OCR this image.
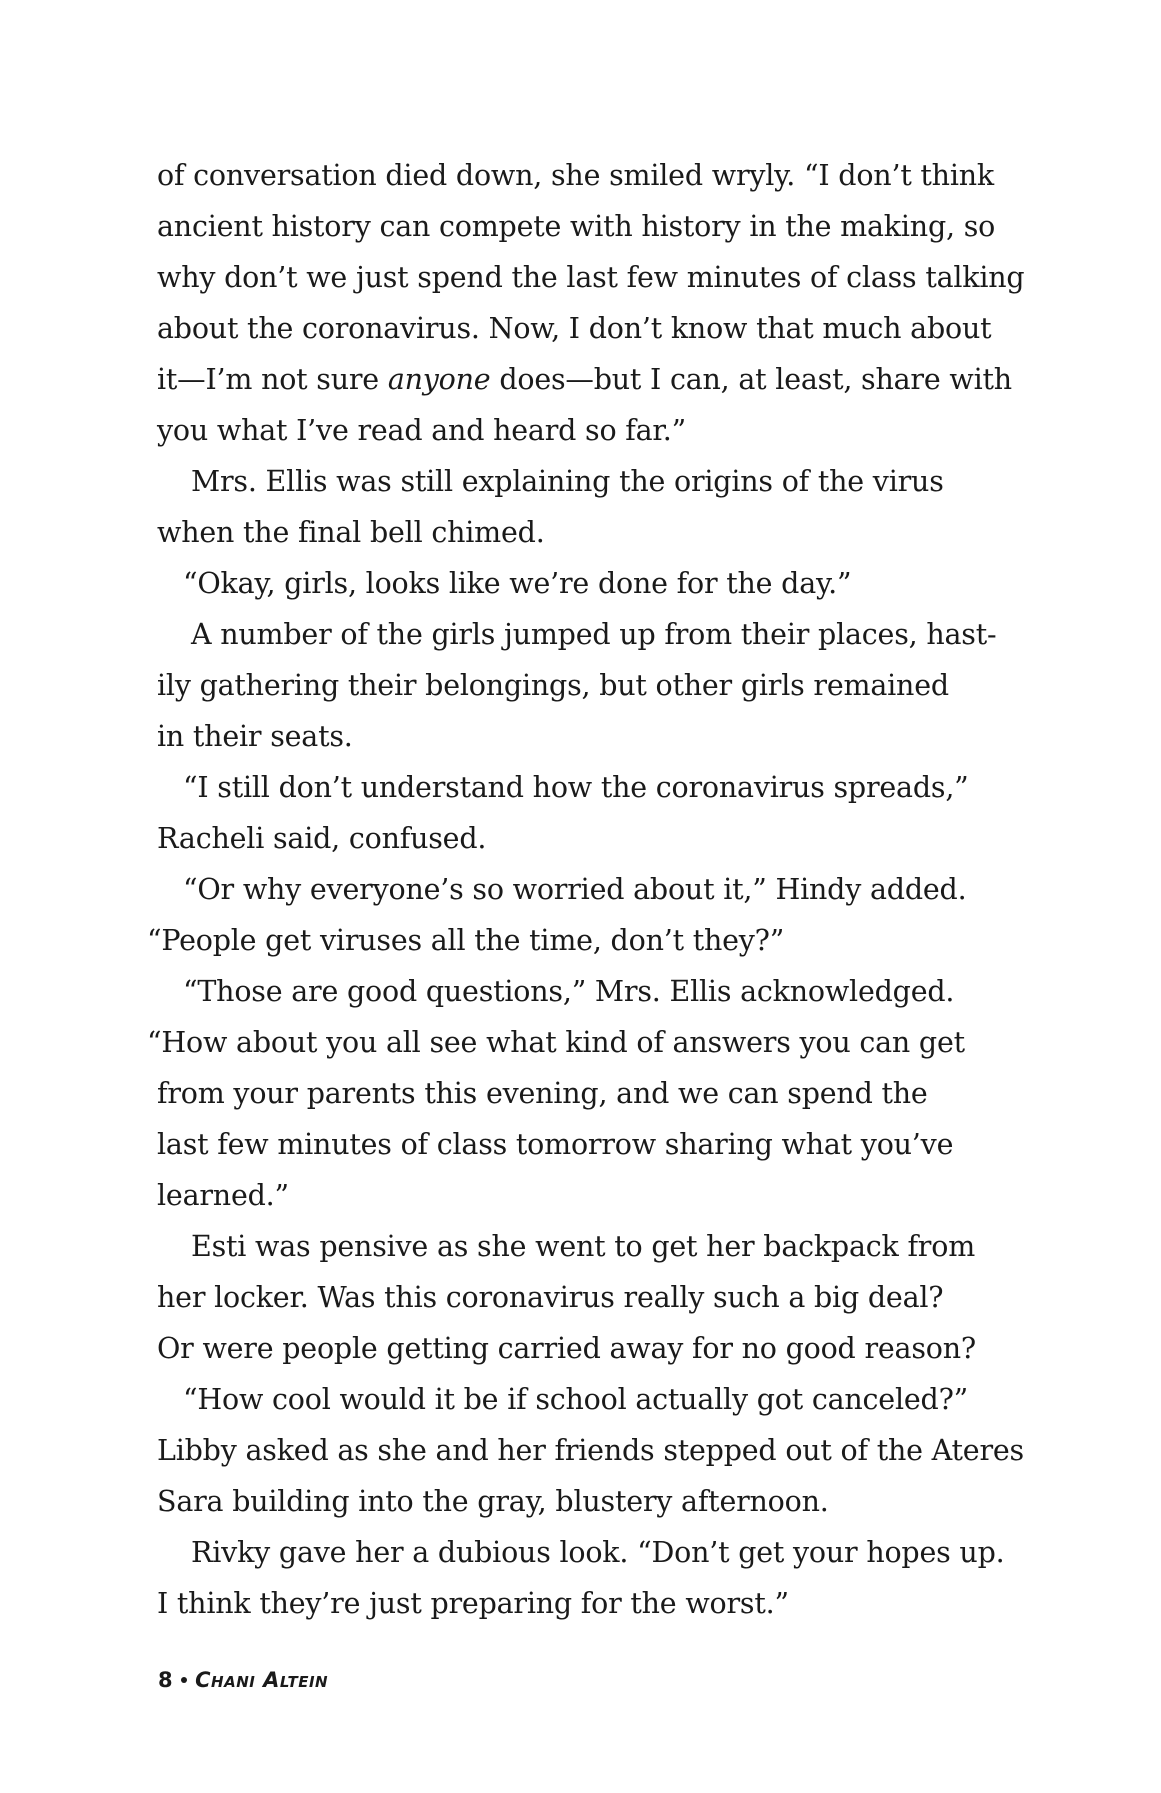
of conversation died down, she smiled wryly. “I don’t think
ancient history can compete with history in the making, so
why don’t we just spend the last few minutes of class talking
about the coronavirus. Now, I don’t know that much about
it—I’m not sure anyone does—but I can, at least, share with
you what I’ve read and heard so far.”
Mrs. Ellis was still explaining the origins of the virus
when the final bell chimed.
“Okay, girls, looks like we’re done for the day.”
A number of the girls jumped up from their places, hast-
ily gathering their belongings, but other girls remained
in their seats.
“I still don’t understand how the coronavirus spreads,”
Racheli said, confused.
“Or why everyone’s so worried about it,” Hindy added.
“People get viruses all the time, don’t they?”
“Those are good questions,” Mrs. Ellis acknowledged.
“How about you all see what kind of answers you can get
from your parents this evening, and we can spend the
last few minutes of class tomorrow sharing what you’ve
learned.”
Esti was pensive as she went to get her backpack from
her locker. Was this coronavirus really such a big deal?
Or were people getting carried away for no good reason?
“How cool would it be if school actually got canceled?”
Libby asked as she and her friends stepped out of the Ateres
Sara building into the gray, blustery afternoon.
Rivky gave her a dubious look. “Don’t get your hopes up.
I think they’re just preparing for the worst.”
8 Chani Altein
